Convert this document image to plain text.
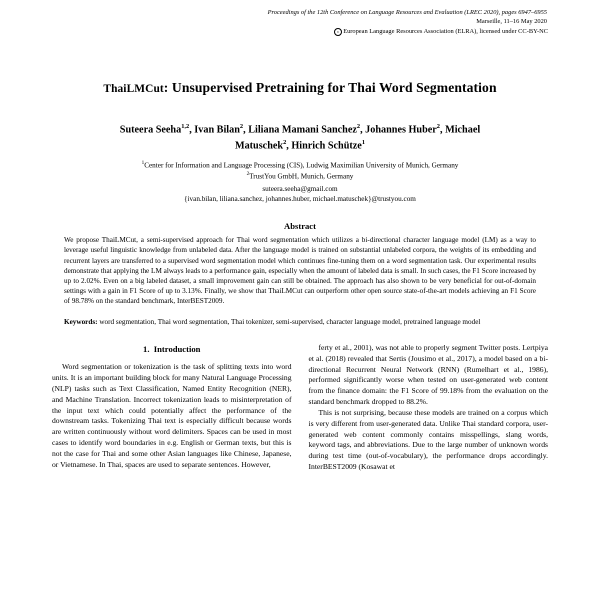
Proceedings of the 12th Conference on Language Resources and Evaluation (LREC 2020), pages 6947–6955
Marseille, 11–16 May 2020
c European Language Resources Association (ELRA), licensed under CC-BY-NC
ThaiLMCut: Unsupervised Pretraining for Thai Word Segmentation
Suteera Seeha$^{1,2}$, Ivan Bilan$^2$, Liliana Mamani Sanchez$^2$, Johannes Huber$^2$, Michael
Matuschek$^2$, Hinrich Schütze$^1$
$^1$Center for Information and Language Processing (CIS), Ludwig Maximilian University of Munich, Germany
$^2$TrustYou GmbH, Munich, Germany
suteera.seeha@gmail.com
{ivan.bilan, liliana.sanchez, johannes.huber, michael.matuschek}@trustyou.com
Abstract
We propose ThaiLMCut, a semi-supervised approach for Thai word segmentation which utilizes a bi-directional character language model (LM) as a way to leverage useful linguistic knowledge from unlabeled data. After the language model is trained on substantial unlabeled corpora, the weights of its embedding and recurrent layers are transferred to a supervised word segmentation model which continues fine-tuning them on a word segmentation task. Our experimental results demonstrate that applying the LM always leads to a performance gain, especially when the amount of labeled data is small. In such cases, the F1 Score increased by up to 2.02%. Even on a big labeled dataset, a small improvement gain can still be obtained. The approach has also shown to be very beneficial for out-of-domain settings with a gain in F1 Score of up to 3.13%. Finally, we show that ThaiLMCut can outperform other open source state-of-the-art models achieving an F1 Score of 98.78% on the standard benchmark, InterBEST2009.
Keywords: word segmentation, Thai word segmentation, Thai tokenizer, semi-supervised, character language model, pretrained language model
1. Introduction

Word segmentation or tokenization is the task of splitting texts into word units. It is an important building block for many Natural Language Processing (NLP) tasks such as Text Classification, Named Entity Recognition (NER), and Machine Translation. Incorrect tokenization leads to misinterpretation of the input text which could potentially affect the performance of the downstream tasks. Tokenizing Thai text is especially difficult because words are written continuously without word delimiters. Spaces can be used in most cases to identify word boundaries in e.g. English or German texts, but this is not the case for Thai and some other Asian languages like Chinese, Japanese, or Vietnamese. In Thai, spaces are used to separate sentences. However,

ferty et al., 2001), was not able to properly segment Twitter posts. Lertpiya et al. (2018) revealed that Sertis (Jousimo et al., 2017), a model based on a bi-directional Recurrent Neural Network (RNN) (Rumelhart et al., 1986), performed significantly worse when tested on user-generated web content from the finance domain: the F1 Score of 99.18% from the evaluation on the standard benchmark dropped to 88.2%.

This is not surprising, because these models are trained on a corpus which is very different from user-generated data. Unlike Thai standard corpora, user-generated web content commonly contains misspellings, slang words, keyword tags, and abbreviations. Due to the large number of unknown words during test time (out-of-vocabulary), the performance drops accordingly. InterBEST2009 (Kosawat et
